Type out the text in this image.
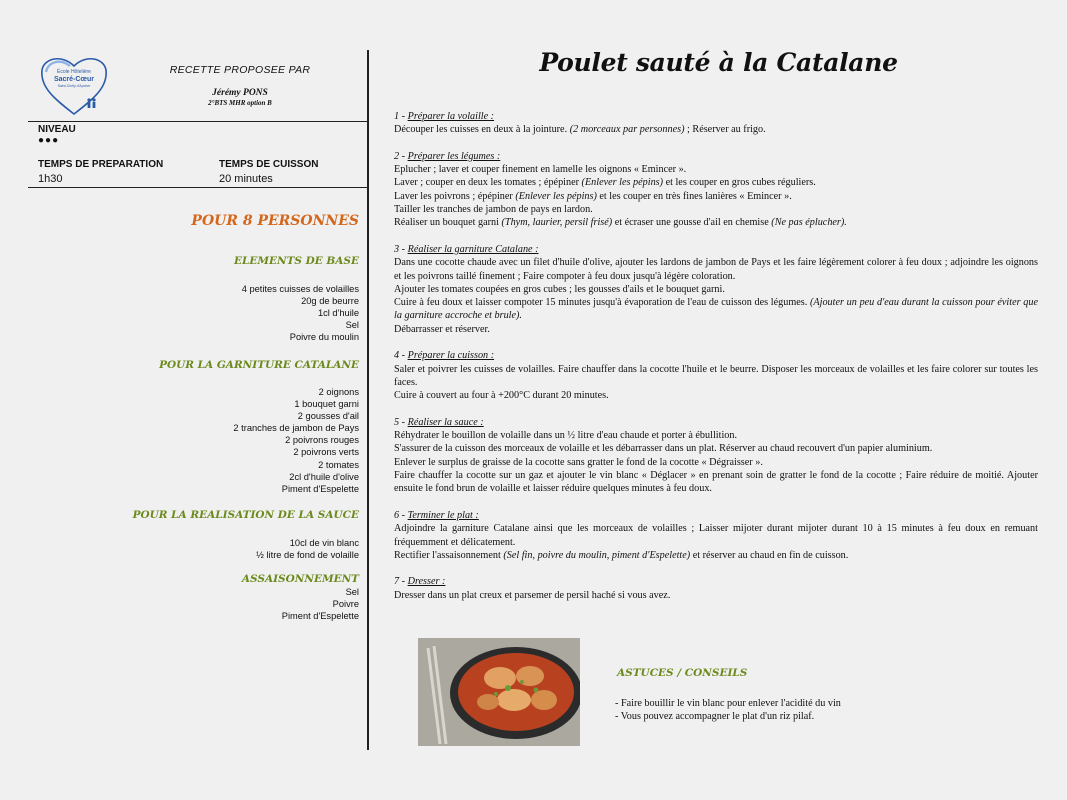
École Hôtelière
Sacré-Cœur
Saint-Chély d'Apcher
RECETTE PROPOSEE PAR
Jérémy PONS
2°BTS MHR option B
NIVEAU
●●●
TEMPS DE PREPARATION
1h30
TEMPS DE CUISSON
20 minutes
POUR 8 PERSONNES
ELEMENTS DE BASE
4 petites cuisses de volailles
20g de beurre
1cl d'huile
Sel
Poivre du moulin
POUR LA GARNITURE CATALANE
2 oignons
1 bouquet garni
2 gousses d'ail
2 tranches de jambon de Pays
2 poivrons rouges
2 poivrons verts
2 tomates
2cl d'huile d'olive
Piment d'Espelette
POUR LA REALISATION DE LA SAUCE
10cl de vin blanc
½ litre de fond de volaille
ASSAISONNEMENT
Sel
Poivre
Piment d'Espelette
Poulet sauté à la Catalane
1 - Préparer la volaille :

Découper les cuisses en deux à la jointure. (2 morceaux par personnes) ; Réserver au frigo.

2 - Préparer les légumes :

Eplucher ; laver et couper finement en lamelle les oignons « Emincer ».

Laver ; couper en deux les tomates ; épépiner (Enlever les pépins) et les couper en gros cubes réguliers.

Laver les poivrons ; épépiner (Enlever les pépins) et les couper en très fines lanières « Emincer ».

Tailler les tranches de jambon de pays en lardon.

Réaliser un bouquet garni (Thym, laurier, persil frisé) et écraser une gousse d'ail en chemise (Ne pas éplucher).

3 - Réaliser la garniture Catalane :

Dans une cocotte chaude avec un filet d'huile d'olive, ajouter les lardons de jambon de Pays et les faire légèrement colorer à feu doux ; adjoindre les oignons et les poivrons taillé finement ; Faire compoter à feu doux jusqu'à légère coloration.

Ajouter les tomates coupées en gros cubes ; les gousses d'ails et le bouquet garni.

Cuire à feu doux et laisser compoter 15 minutes jusqu'à évaporation de l'eau de cuisson des légumes. (Ajouter un peu d'eau durant la cuisson pour éviter que la garniture accroche et brule).

Débarrasser et réserver.

4 - Préparer la cuisson :

Saler et poivrer les cuisses de volailles. Faire chauffer dans la cocotte l'huile et le beurre. Disposer les morceaux de volailles et les faire colorer sur toutes les faces.

Cuire à couvert au four à +200°C durant 20 minutes.

5 - Réaliser la sauce :

Réhydrater le bouillon de volaille dans un ½ litre d'eau chaude et porter à ébullition.

S'assurer de la cuisson des morceaux de volaille et les débarrasser dans un plat. Réserver au chaud recouvert d'un papier aluminium.

Enlever le surplus de graisse de la cocotte sans gratter le fond de la cocotte « Dégraisser ».

Faire chauffer la cocotte sur un gaz et ajouter le vin blanc « Déglacer » en prenant soin de gratter le fond de la cocotte ; Faire réduire de moitié. Ajouter ensuite le fond brun de volaille et laisser réduire quelques minutes à feu doux.

6 - Terminer le plat :

Adjoindre la garniture Catalane ainsi que les morceaux de volailles ; Laisser mijoter durant mijoter durant 10 à 15 minutes à feu doux en remuant fréquemment et délicatement.

Rectifier l'assaisonnement (Sel fin, poivre du moulin, piment d'Espelette) et réserver au chaud en fin de cuisson.

7 - Dresser :

Dresser dans un plat creux et parsemer de persil haché si vous avez.

ASTUCES / CONSEILS
- Faire bouillir le vin blanc pour enlever l'acidité du vin
- Vous pouvez accompagner le plat d'un riz pilaf.
